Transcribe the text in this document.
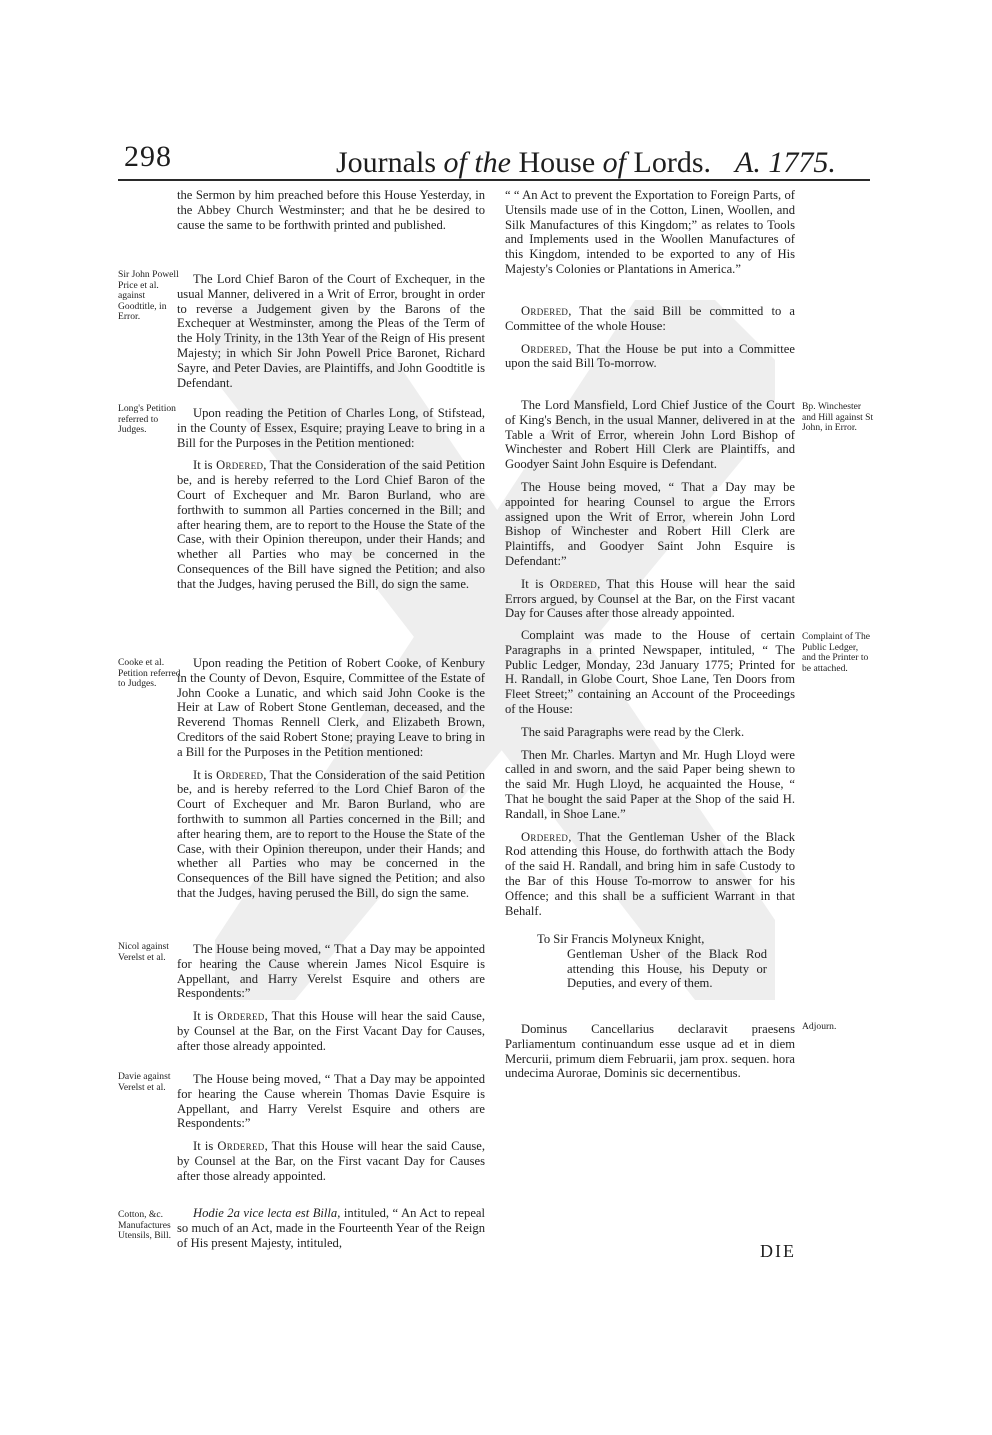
298	Journals of the House of Lords. A. 1775.
Sir John Powell Price et al. against Goodtitle, in Error.
Long's Petition referred to Judges.
Cooke et al. Petition referred to Judges.
Nicol against Verelst et al.
Davie against Verelst et al.
Cotton, &c. Manufactures Utensils, Bill.
Bp. Winchester and Hill against St John, in Error.
Complaint of The Public Ledger, and the Printer to be attached.
Adjourn.

the Sermon by him preached before this House Yesterday, in the Abbey Church Westminster; and that he be desired to cause the same to be forthwith printed and published.

The Lord Chief Baron of the Court of Exchequer, in the usual Manner, delivered in a Writ of Error, brought in order to reverse a Judgement given by the Barons of the Exchequer at Westminster, among the Pleas of the Term of the Holy Trinity, in the 13th Year of the Reign of His present Majesty; in which Sir John Powell Price Baronet, Richard Sayre, and Peter Davies, are Plaintiffs, and John Goodtitle is Defendant.

Upon reading the Petition of Charles Long, of Stifstead, in the County of Essex, Esquire; praying Leave to bring in a Bill for the Purposes in the Petition mentioned:

It is Ordered, That the Consideration of the said Petition be, and is hereby referred to the Lord Chief Baron of the Court of Exchequer and Mr. Baron Burland, who are forthwith to summon all Parties concerned in the Bill; and after hearing them, are to report to the House the State of the Case, with their Opinion thereupon, under their Hands; and whether all Parties who may be concerned in the Consequences of the Bill have signed the Petition; and also that the Judges, having perused the Bill, do sign the same.

Upon reading the Petition of Robert Cooke, of Kenbury in the County of Devon, Esquire, Committee of the Estate of John Cooke a Lunatic, and which said John Cooke is the Heir at Law of Robert Stone Gentleman, deceased, and the Reverend Thomas Rennell Clerk, and Elizabeth Brown, Creditors of the said Robert Stone; praying Leave to bring in a Bill for the Purposes in the Petition mentioned:

It is Ordered, That the Consideration of the said Petition be, and is hereby referred to the Lord Chief Baron of the Court of Exchequer and Mr. Baron Burland, who are forthwith to summon all Parties concerned in the Bill; and after hearing them, are to report to the House the State of the Case, with their Opinion thereupon, under their Hands; and whether all Parties who may be concerned in the Consequences of the Bill have signed the Petition; and also that the Judges, having perused the Bill, do sign the same.

The House being moved, “ That a Day may be appointed for hearing the Cause wherein James Nicol Esquire is Appellant, and Harry Verelst Esquire and others are Respondents:”

It is Ordered, That this House will hear the said Cause, by Counsel at the Bar, on the First Vacant Day for Causes, after those already appointed.

The House being moved, “ That a Day may be appointed for hearing the Cause wherein Thomas Davie Esquire is Appellant, and Harry Verelst Esquire and others are Respondents:”

It is Ordered, That this House will hear the said Cause, by Counsel at the Bar, on the First vacant Day for Causes after those already appointed.

Hodie 2a vice lecta est Billa, intituled, “ An Act to repeal so much of an Act, made in the Fourteenth Year of the Reign of His present Majesty, intituled,

“ “ An Act to prevent the Exportation to Foreign Parts, of Utensils made use of in the Cotton, Linen, Woollen, and Silk Manufactures of this Kingdom;” as relates to Tools and Implements used in the Woollen Manufactures of this Kingdom, intended to be exported to any of His Majesty's Colonies or Plantations in America.”

Ordered, That the said Bill be committed to a Committee of the whole House:

Ordered, That the House be put into a Committee upon the said Bill To-morrow.

The Lord Mansfield, Lord Chief Justice of the Court of King's Bench, in the usual Manner, delivered in at the Table a Writ of Error, wherein John Lord Bishop of Winchester and Robert Hill Clerk are Plaintiffs, and Goodyer Saint John Esquire is Defendant.

The House being moved, “ That a Day may be appointed for hearing Counsel to argue the Errors assigned upon the Writ of Error, wherein John Lord Bishop of Winchester and Robert Hill Clerk are Plaintiffs, and Goodyer Saint John Esquire is Defendant:”

It is Ordered, That this House will hear the said Errors argued, by Counsel at the Bar, on the First vacant Day for Causes after those already appointed.

Complaint was made to the House of certain Paragraphs in a printed Newspaper, intituled, “ The Public Ledger, Monday, 23d January 1775; Printed for H. Randall, in Globe Court, Shoe Lane, Ten Doors from Fleet Street;” containing an Account of the Proceedings of the House:

The said Paragraphs were read by the Clerk.

Then Mr. Charles. Martyn and Mr. Hugh Lloyd were called in and sworn, and the said Paper being shewn to the said Mr. Hugh Lloyd, he acquainted the House, “ That he bought the said Paper at the Shop of the said H. Randall, in Shoe Lane.”

Ordered, That the Gentleman Usher of the Black Rod attending this House, do forthwith attach the Body of the said H. Randall, and bring him in safe Custody to the Bar of this House To-morrow to answer for his Offence; and this shall be a sufficient Warrant in that Behalf.

To Sir Francis Molyneux Knight,
Gentleman Usher of the Black Rod attending this House, his Deputy or Deputies, and every of them.

Dominus Cancellarius declaravit praesens Parliamentum continuandum esse usque ad et in diem Mercurii, primum diem Februarii, jam prox. sequen. hora undecima Aurorae, Dominis sic decernentibus.

DIE
